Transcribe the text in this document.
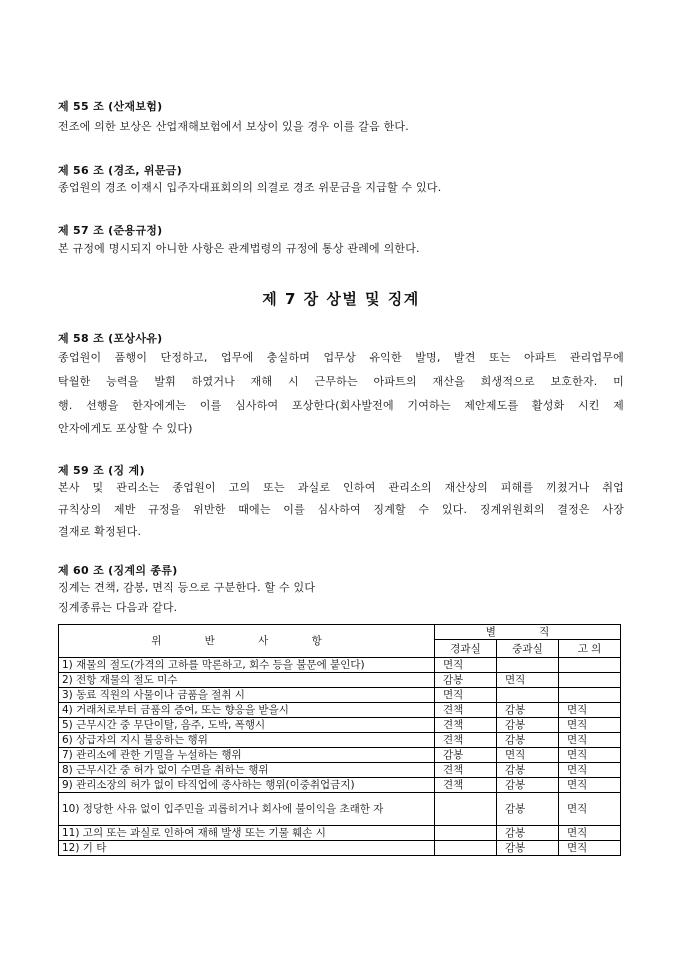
제 55 조 (산재보험)
전조에 의한 보상은 산업재해보험에서 보상이 있을 경우 이를 갈음 한다.
제 56 조 (경조, 위문금)
종업원의 경조 이재시 입주자대표회의의 의결로 경조 위문금을 지급할 수 있다.
제 57 조 (준용규정)
본 규정에 명시되지 아니한 사항은 관계법령의 규정에 통상 관례에 의한다.
제 7 장 상벌 및 징계
제 58 조 (포상사유)
종업원이 품행이 단정하고, 업무에 충실하며 업무상 유익한 발명, 발견 또는 아파트 관리업무에
탁월한 능력을 발휘 하였거나 재해 시 근무하는 아파트의 재산을 희생적으로 보호한자. 미
행. 선행을 한자에게는 이를 심사하여 포상한다(회사발전에 기여하는 제안제도를 활성화 시킨 제
안자에게도 포상할 수 있다)
제 59 조 (징 계)
본사 및 관리소는 종업원이 고의 또는 과실로 인하여 관리소의 재산상의 피해를 끼쳤거나 취업
규칙상의 제반 규정을 위반한 때에는 이를 심사하여 징계할 수 있다. 징계위원회의 결정은 사장
결재로 확정된다.
제 60 조 (징계의 종류)
징계는 견책, 감봉, 면직 등으로 구분한다. 할 수 있다
징계종류는 다음과 같다.
위 반 사 항	별 직		
	경과실	중과실	고 의
1) 재물의 절도(가격의 고하를 막론하고, 회수 등을 불문에 붙인다)	면직		
2) 전항 재물의 절도 미수	감봉	면직	
3) 동료 직원의 사물이나 금품을 절취 시	면직		
4) 거래처로부터 금품의 증여, 또는 향응을 받을시	견책	감봉	면직
5) 근무시간 중 무단이탈, 음주, 도박, 폭행시	견책	감봉	면직
6) 상급자의 지시 불응하는 행위	견책	감봉	면직
7) 관리소에 관한 기밀을 누설하는 행위	감봉	면직	면직
8) 근무시간 중 허가 없이 수면을 취하는 행위	견책	감봉	면직
9) 관리소장의 허가 없이 타직업에 종사하는 행위(이중취업금지)	견책	감봉	면직
10) 정당한 사유 없이 입주민을 괴롭히거나 회사에 불이익을 초래한 자		감봉	면직
11) 고의 또는 과실로 인하여 재해 발생 또는 기물 훼손 시		감봉	면직
12) 기 타		감봉	면직
